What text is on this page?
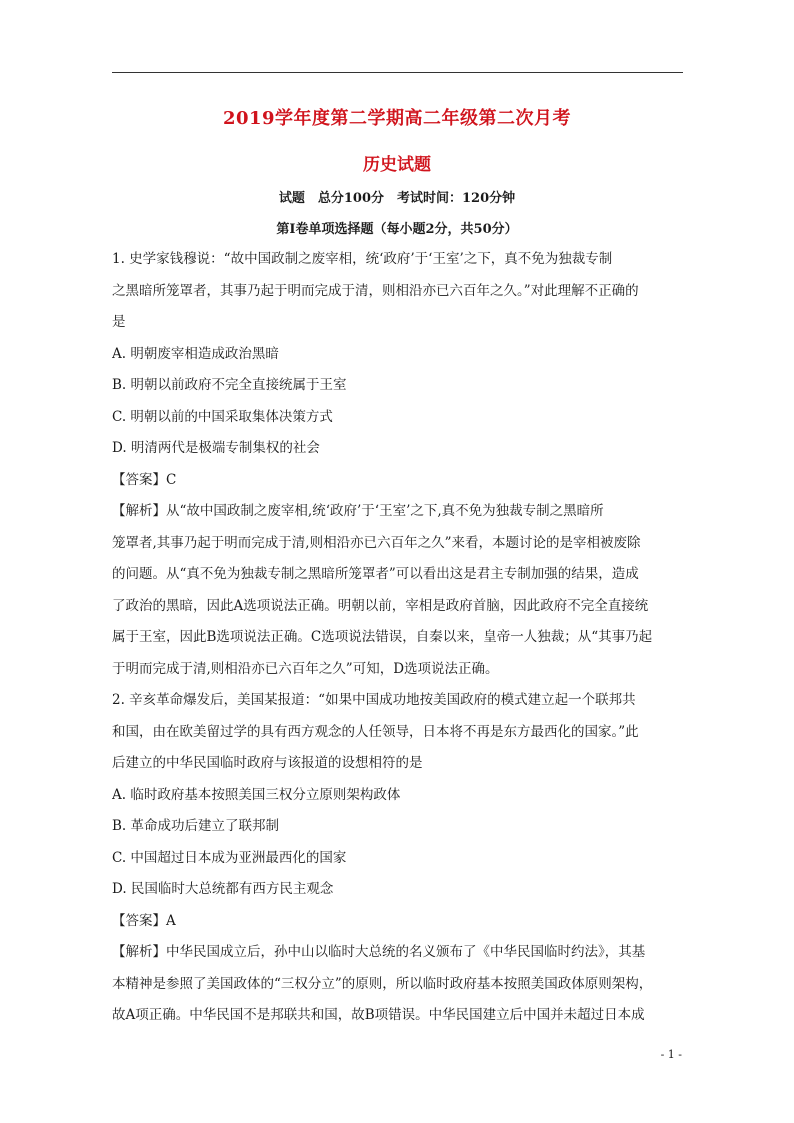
2019学年度第二学期高二年级第二次月考
历史试题
试题　总分100分　考试时间：120分钟
第Ⅰ卷单项选择题（每小题2分，共50分）
1. 史学家钱穆说：“故中国政制之废宰相，统‘政府’于‘王室’之下，真不免为独裁专制
之黑暗所笼罩者，其事乃起于明而完成于清，则相沿亦已六百年之久。”对此理解不正确的
是
A. 明朝废宰相造成政治黑暗
B. 明朝以前政府不完全直接统属于王室
C. 明朝以前的中国采取集体决策方式
D. 明清两代是极端专制集权的社会
【答案】C
【解析】从“故中国政制之废宰相,统‘政府’于‘王室’之下,真不免为独裁专制之黑暗所
笼罩者,其事乃起于明而完成于清,则相沿亦已六百年之久”来看，本题讨论的是宰相被废除
的问题。从“真不免为独裁专制之黑暗所笼罩者”可以看出这是君主专制加强的结果，造成
了政治的黑暗，因此A选项说法正确。明朝以前，宰相是政府首脑，因此政府不完全直接统
属于王室，因此B选项说法正确。C选项说法错误，自秦以来，皇帝一人独裁；从“其事乃起
于明而完成于清,则相沿亦已六百年之久”可知，D选项说法正确。
2. 辛亥革命爆发后，美国某报道：“如果中国成功地按美国政府的模式建立起一个联邦共
和国，由在欧美留过学的具有西方观念的人任领导，日本将不再是东方最西化的国家。”此
后建立的中华民国临时政府与该报道的设想相符的是
A. 临时政府基本按照美国三权分立原则架构政体
B. 革命成功后建立了联邦制
C. 中国超过日本成为亚洲最西化的国家
D. 民国临时大总统都有西方民主观念
【答案】A
【解析】中华民国成立后，孙中山以临时大总统的名义颁布了《中华民国临时约法》，其基
本精神是参照了美国政体的“三权分立”的原则，所以临时政府基本按照美国政体原则架构，
故A项正确。中华民国不是邦联共和国，故B项错误。中华民国建立后中国并未超过日本成
- 1 -
